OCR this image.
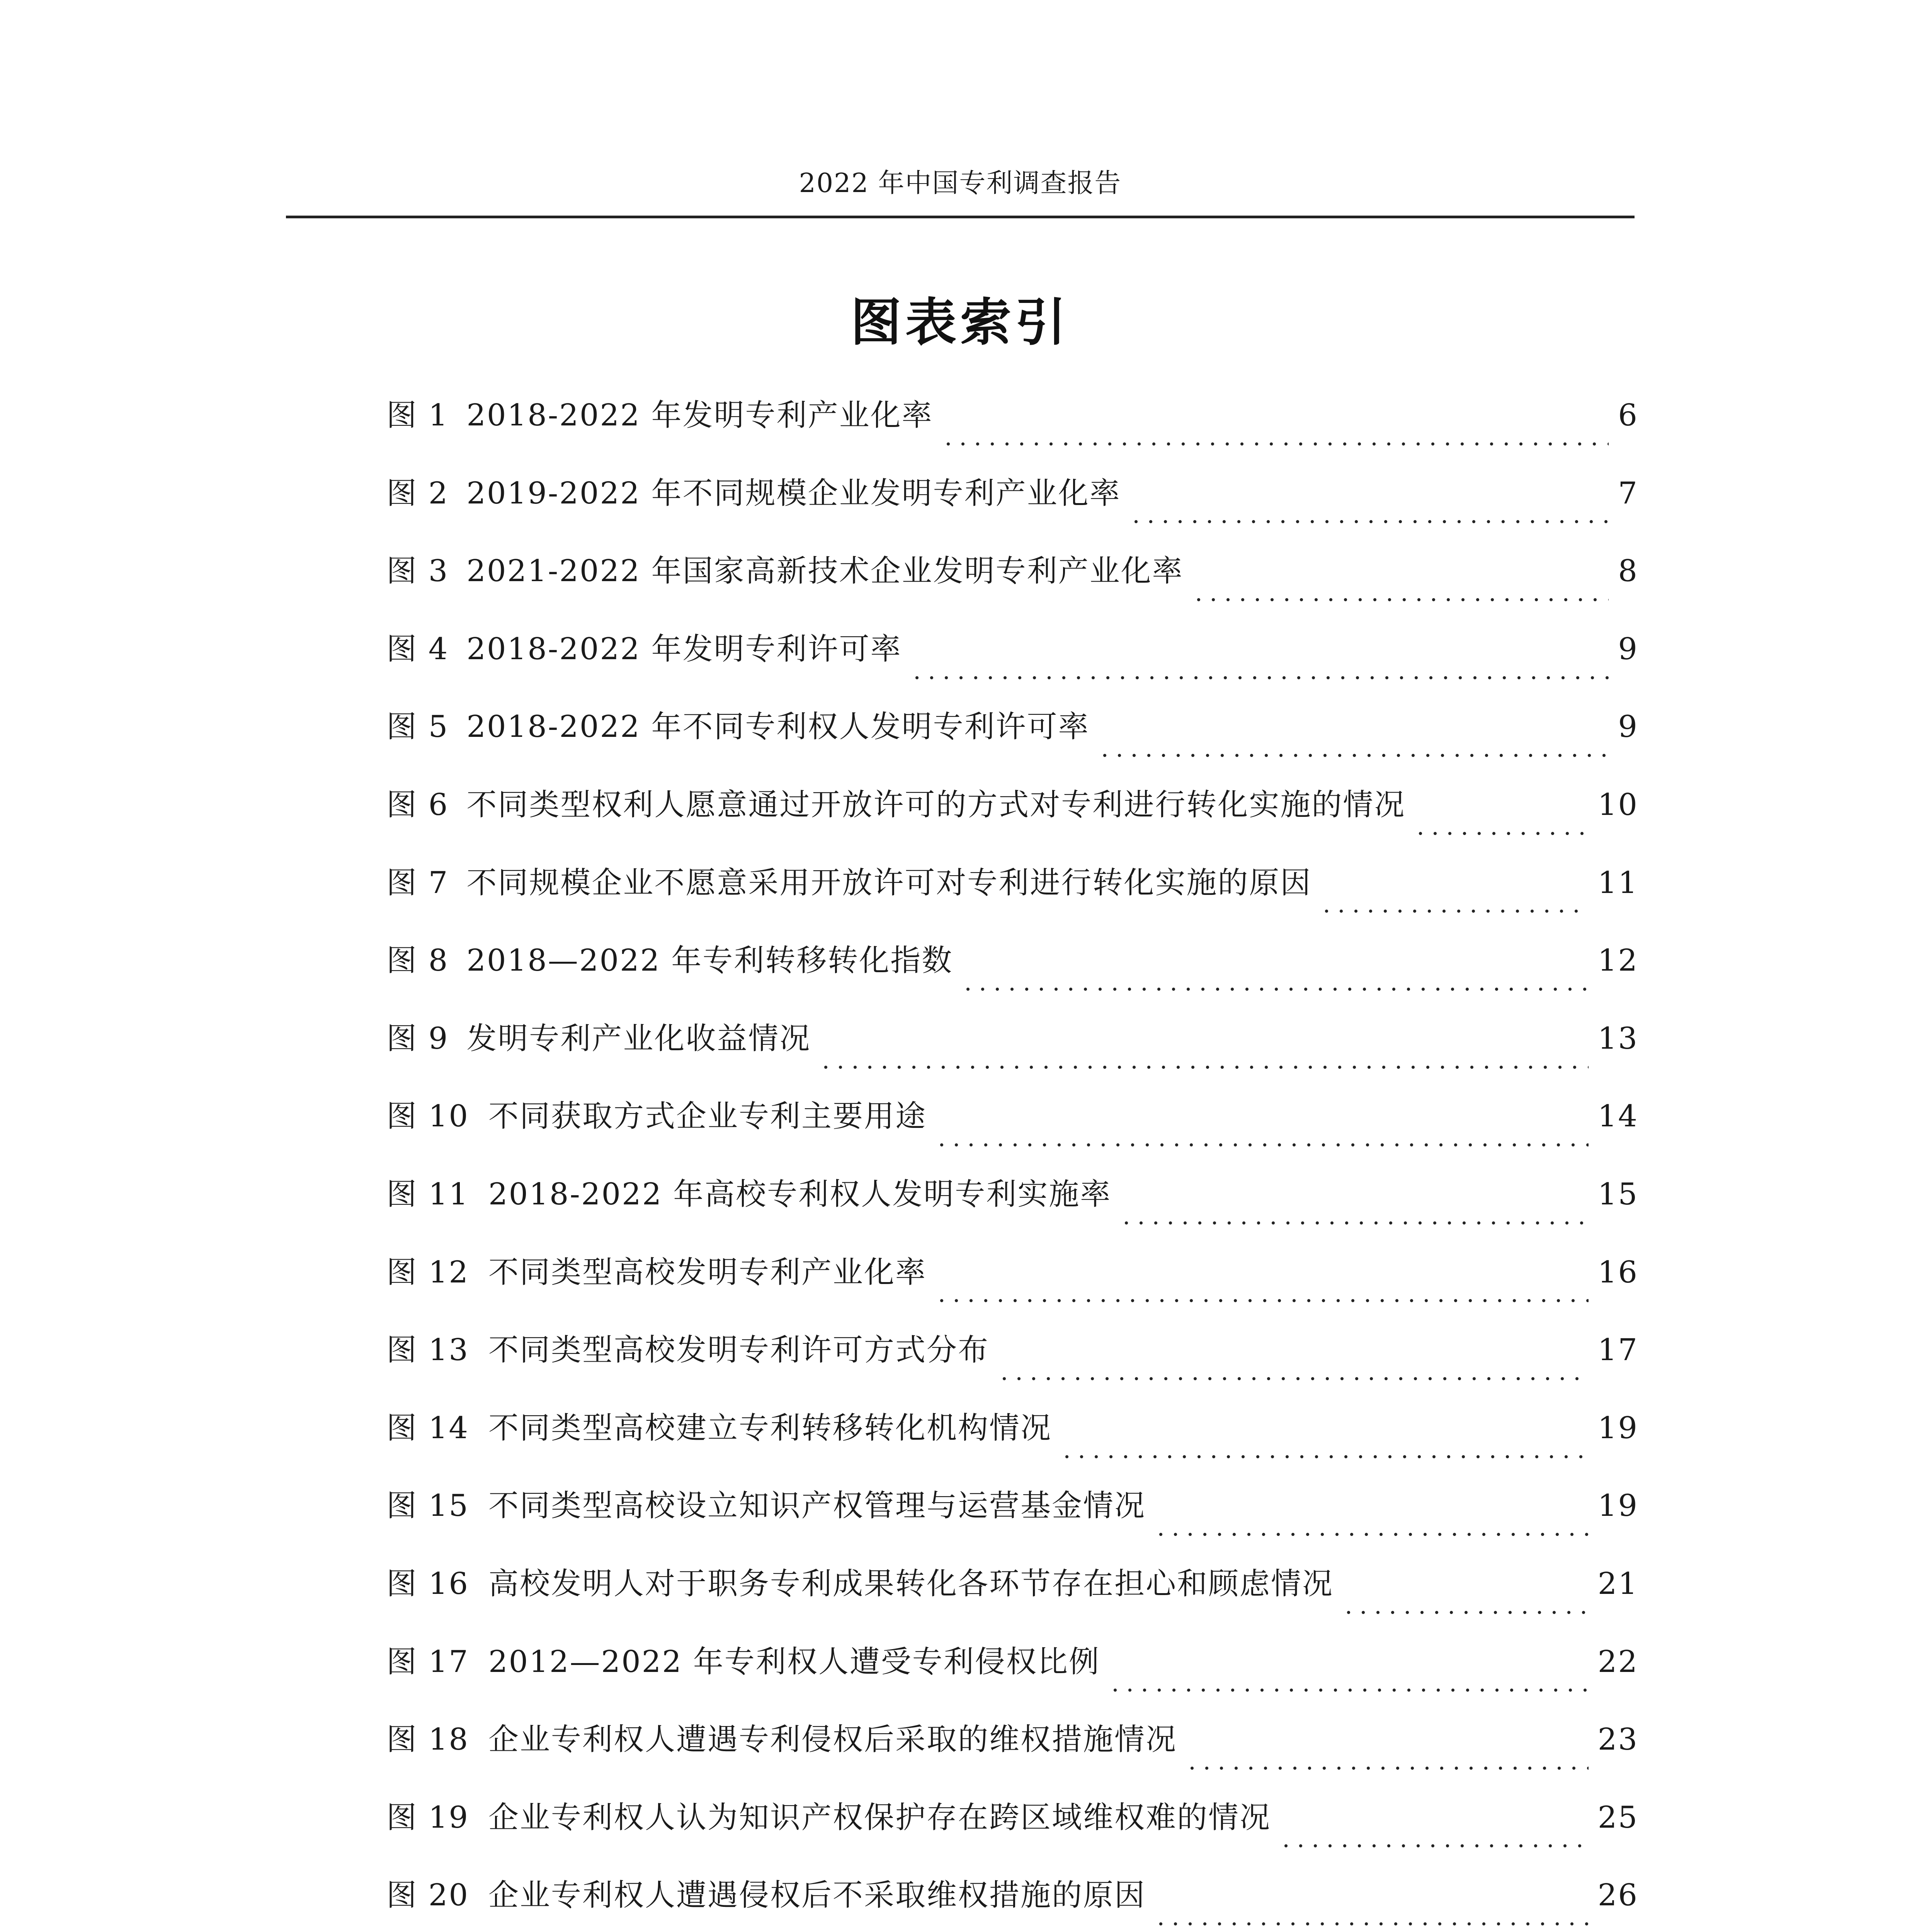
2022 年中国专利调查报告
图表索引
图 1 2018-2022 年发明专利产业化率	6
图 2 2019-2022 年不同规模企业发明专利产业化率	7
图 3 2021-2022 年国家高新技术企业发明专利产业化率	8
图 4 2018-2022 年发明专利许可率	9
图 5 2018-2022 年不同专利权人发明专利许可率	9
图 6 不同类型权利人愿意通过开放许可的方式对专利进行转化实施的情况	10
图 7 不同规模企业不愿意采用开放许可对专利进行转化实施的原因	11
图 8 2018—2022 年专利转移转化指数	12
图 9 发明专利产业化收益情况	13
图 10 不同获取方式企业专利主要用途	14
图 11 2018-2022 年高校专利权人发明专利实施率	15
图 12 不同类型高校发明专利产业化率	16
图 13 不同类型高校发明专利许可方式分布	17
图 14 不同类型高校建立专利转移转化机构情况	19
图 15 不同类型高校设立知识产权管理与运营基金情况	19
图 16 高校发明人对于职务专利成果转化各环节存在担心和顾虑情况	21
图 17 2012—2022 年专利权人遭受专利侵权比例	22
图 18 企业专利权人遭遇专利侵权后采取的维权措施情况	23
图 19 企业专利权人认为知识产权保护存在跨区域维权难的情况	25
图 20 企业专利权人遭遇侵权后不采取维权措施的原因	26
